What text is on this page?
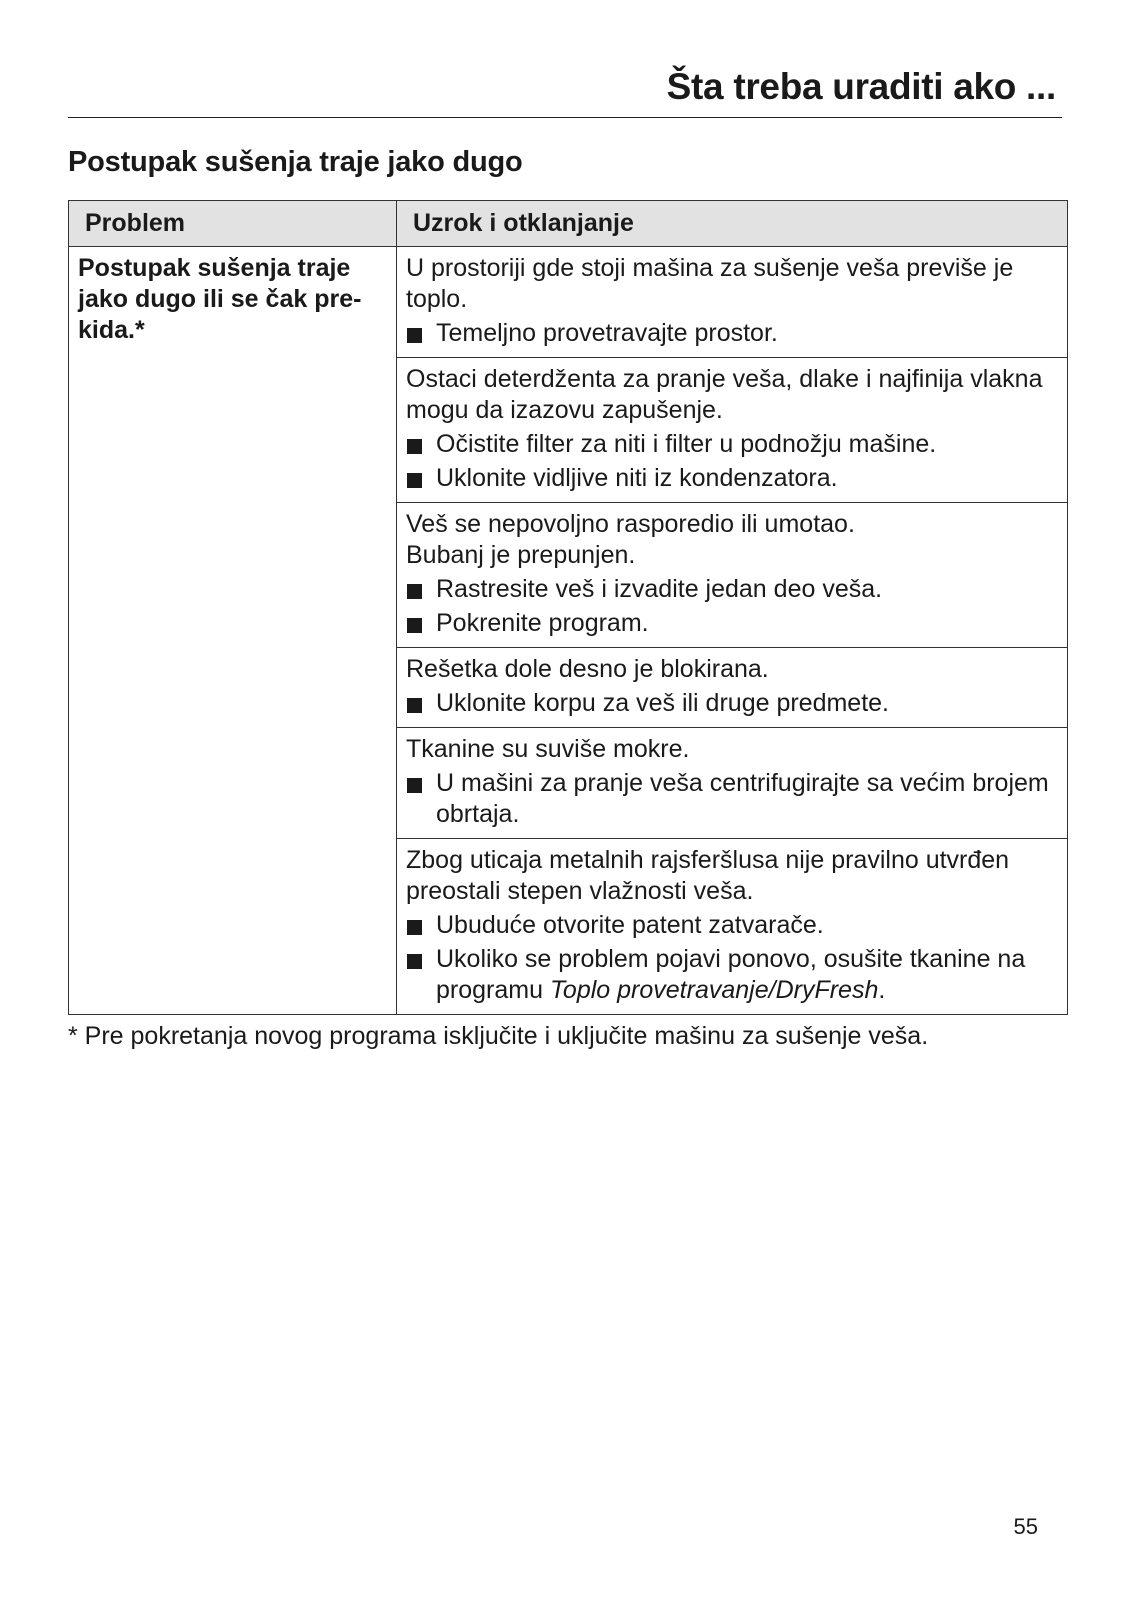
Šta treba uraditi ako ...
Postupak sušenja traje jako dugo
Problem	Uzrok i otklanjanje
Postupak sušenja traje jako dugo ili se čak prekida.*	U prostoriji gde stoji mašina za sušenje veša previše je toplo.

Temeljno provetravajte prostor.

	Ostaci deterdženta za pranje veša, dlake i najfinija vlakna mogu da izazovu zapušenje.

Očistite filter za niti i filter u podnožju mašine.

Uklonite vidljive niti iz kondenzatora.

	Veš se nepovoljno rasporedio ili umotao.

Bubanj je prepunjen.

Rastresite veš i izvadite jedan deo veša.

Pokrenite program.

	Rešetka dole desno je blokirana.

Uklonite korpu za veš ili druge predmete.

	Tkanine su suviše mokre.

U mašini za pranje veša centrifugirajte sa većim brojem obrtaja.

	Zbog uticaja metalnih rajsferšlusa nije pravilno utvrđen preostali stepen vlažnosti veša.

Ubuduće otvorite patent zatvarače.

Ukoliko se problem pojavi ponovo, osušite tkanine na programu Toplo provetravanje/DryFresh.

* Pre pokretanja novog programa isključite i uključite mašinu za sušenje veša.

55
